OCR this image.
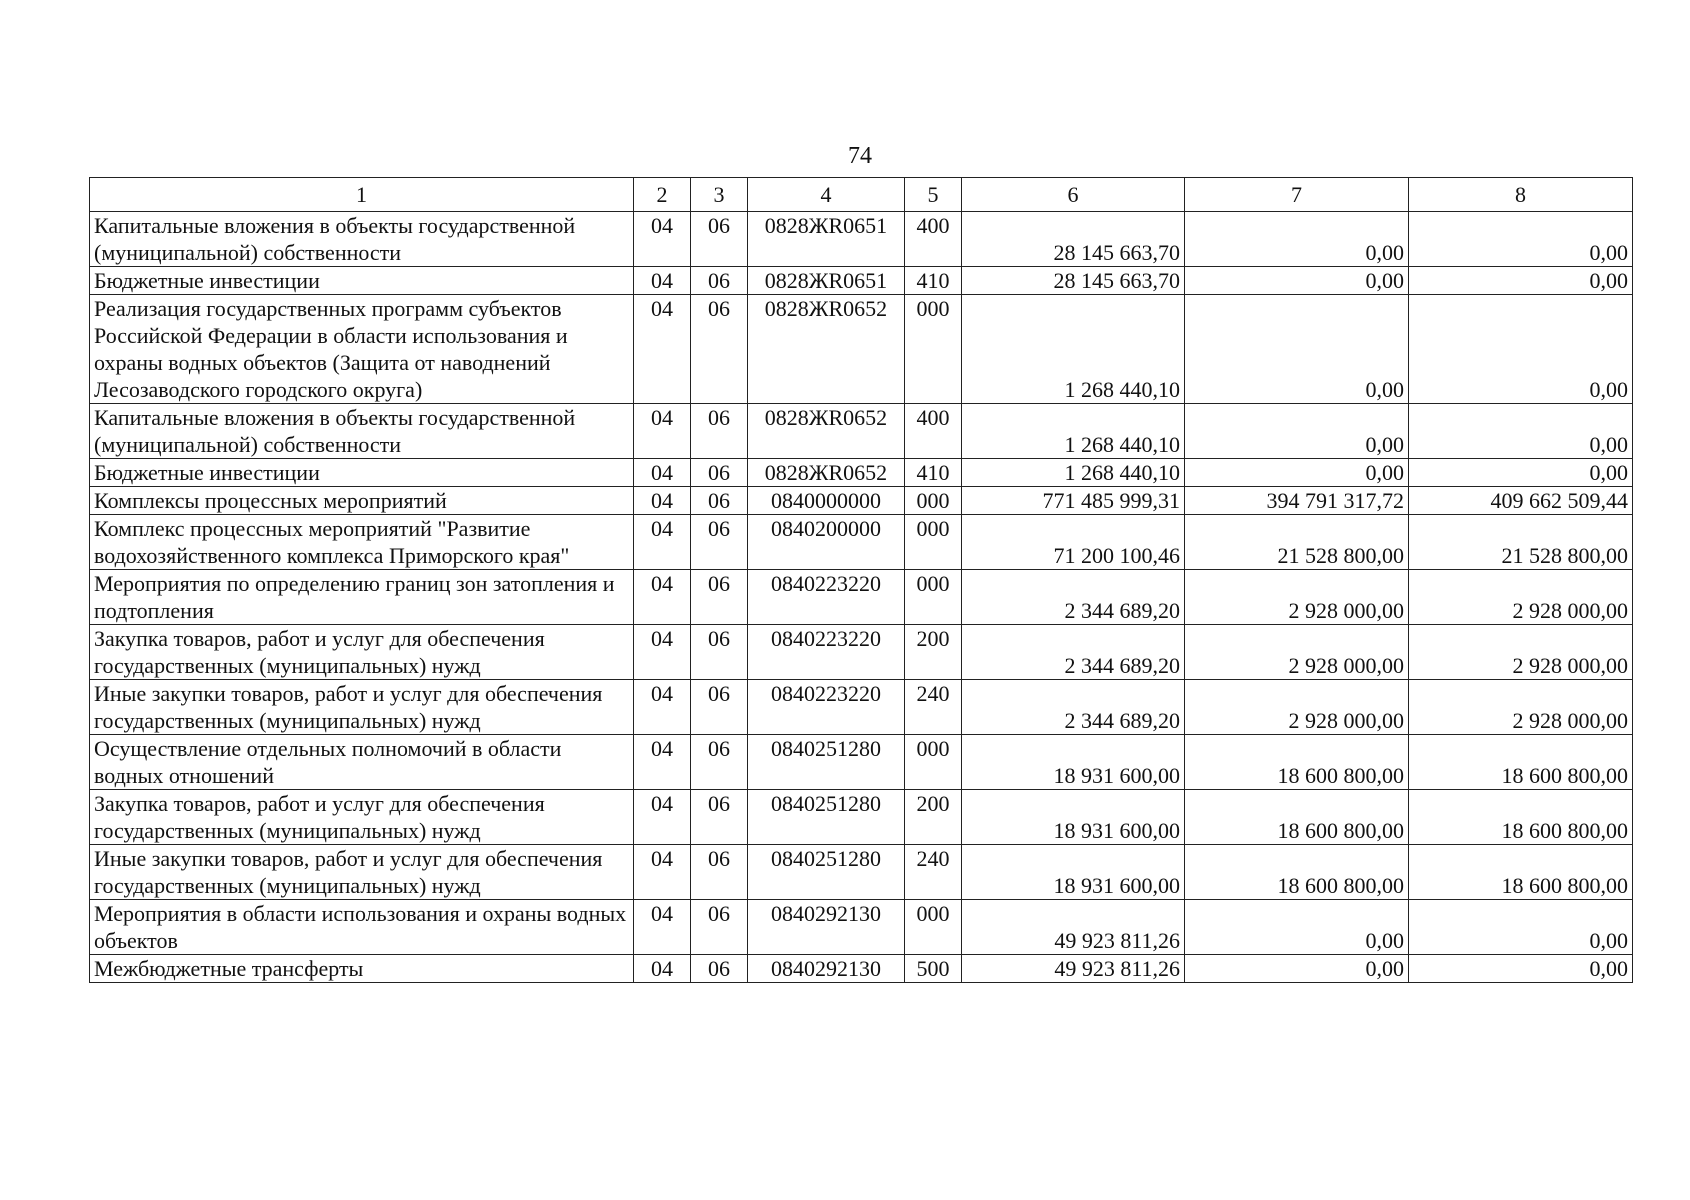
74
1	2	3	4	5	6	7	8
Капитальные вложения в объекты государственной (муниципальной) собственности	04	06	0828ЖR0651	400	28 145 663,70	0,00	0,00
Бюджетные инвестиции	04	06	0828ЖR0651	410	28 145 663,70	0,00	0,00
Реализация государственных программ субъектов Российской Федерации в области использования и охраны водных объектов (Защита от наводнений Лесозаводского городского округа)	04	06	0828ЖR0652	000	1 268 440,10	0,00	0,00
Капитальные вложения в объекты государственной (муниципальной) собственности	04	06	0828ЖR0652	400	1 268 440,10	0,00	0,00
Бюджетные инвестиции	04	06	0828ЖR0652	410	1 268 440,10	0,00	0,00
Комплексы процессных мероприятий	04	06	0840000000	000	771 485 999,31	394 791 317,72	409 662 509,44
Комплекс процессных мероприятий "Развитие водохозяйственного комплекса Приморского края"	04	06	0840200000	000	71 200 100,46	21 528 800,00	21 528 800,00
Мероприятия по определению границ зон затопления и подтопления	04	06	0840223220	000	2 344 689,20	2 928 000,00	2 928 000,00
Закупка товаров, работ и услуг для обеспечения государственных (муниципальных) нужд	04	06	0840223220	200	2 344 689,20	2 928 000,00	2 928 000,00
Иные закупки товаров, работ и услуг для обеспечения государственных (муниципальных) нужд	04	06	0840223220	240	2 344 689,20	2 928 000,00	2 928 000,00
Осуществление отдельных полномочий в области водных отношений	04	06	0840251280	000	18 931 600,00	18 600 800,00	18 600 800,00
Закупка товаров, работ и услуг для обеспечения государственных (муниципальных) нужд	04	06	0840251280	200	18 931 600,00	18 600 800,00	18 600 800,00
Иные закупки товаров, работ и услуг для обеспечения государственных (муниципальных) нужд	04	06	0840251280	240	18 931 600,00	18 600 800,00	18 600 800,00
Мероприятия в области использования и охраны водных объектов	04	06	0840292130	000	49 923 811,26	0,00	0,00
Межбюджетные трансферты	04	06	0840292130	500	49 923 811,26	0,00	0,00
